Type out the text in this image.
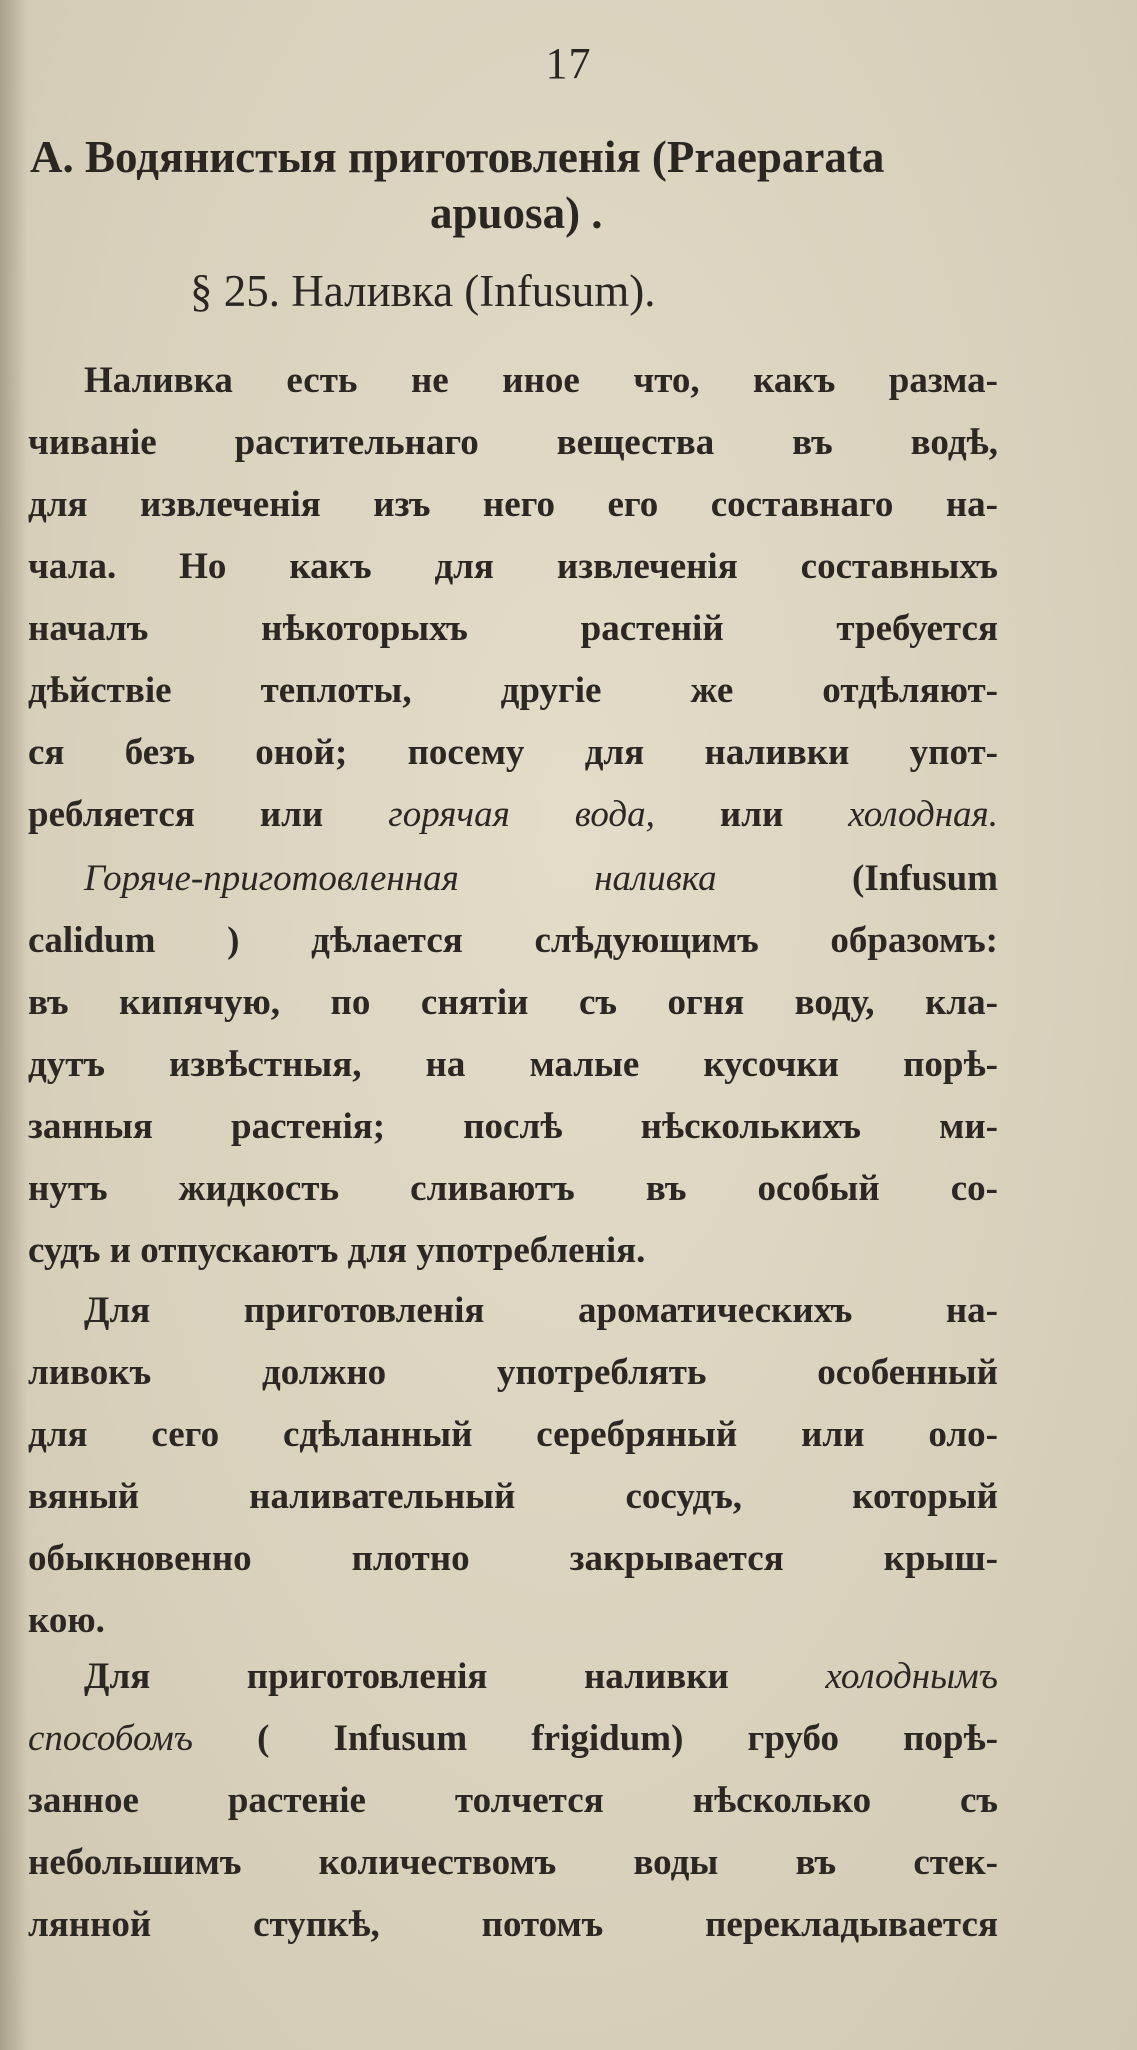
17
А. Водянистыя приготовленія (Praeparata
apuosa) .
§ 25. Наливка (Infusum).
Наливка есть не иное что, какъ разма-
чиваніе растительнаго вещества въ водѣ,
для извлеченія изъ него его составнаго на-
чала. Но какъ для извлеченія составныхъ
началъ нѣкоторыхъ растеній требуется
дѣйствіе теплоты, другіе же отдѣляют-
ся безъ оной; посему для наливки упот-
ребляется или горячая вода, или холодная.
Горячe-приготовленная наливка (Infusum
calidum ) дѣлается слѣдующимъ образомъ:
въ кипячую, по снятіи съ огня воду, кла-
дутъ извѣстныя, на малые кусочки порѣ-
занныя растенія; послѣ нѣсколькихъ ми-
нутъ жидкость сливаютъ въ особый со-
судъ и отпускаютъ для употребленія.
Для приготовленія ароматическихъ на-
ливокъ должно употреблять особенный
для сего сдѣланный серебряный или оло-
вяный наливательный сосудъ, который
обыкновенно плотно закрывается крыш-
кою.
Для приготовленія наливки холоднымъ
способомъ ( Infusum frigidum) грубо порѣ-
занное растеніе толчется нѣсколько съ
небольшимъ количествомъ воды въ стек-
лянной ступкѣ, потомъ перекладывается
